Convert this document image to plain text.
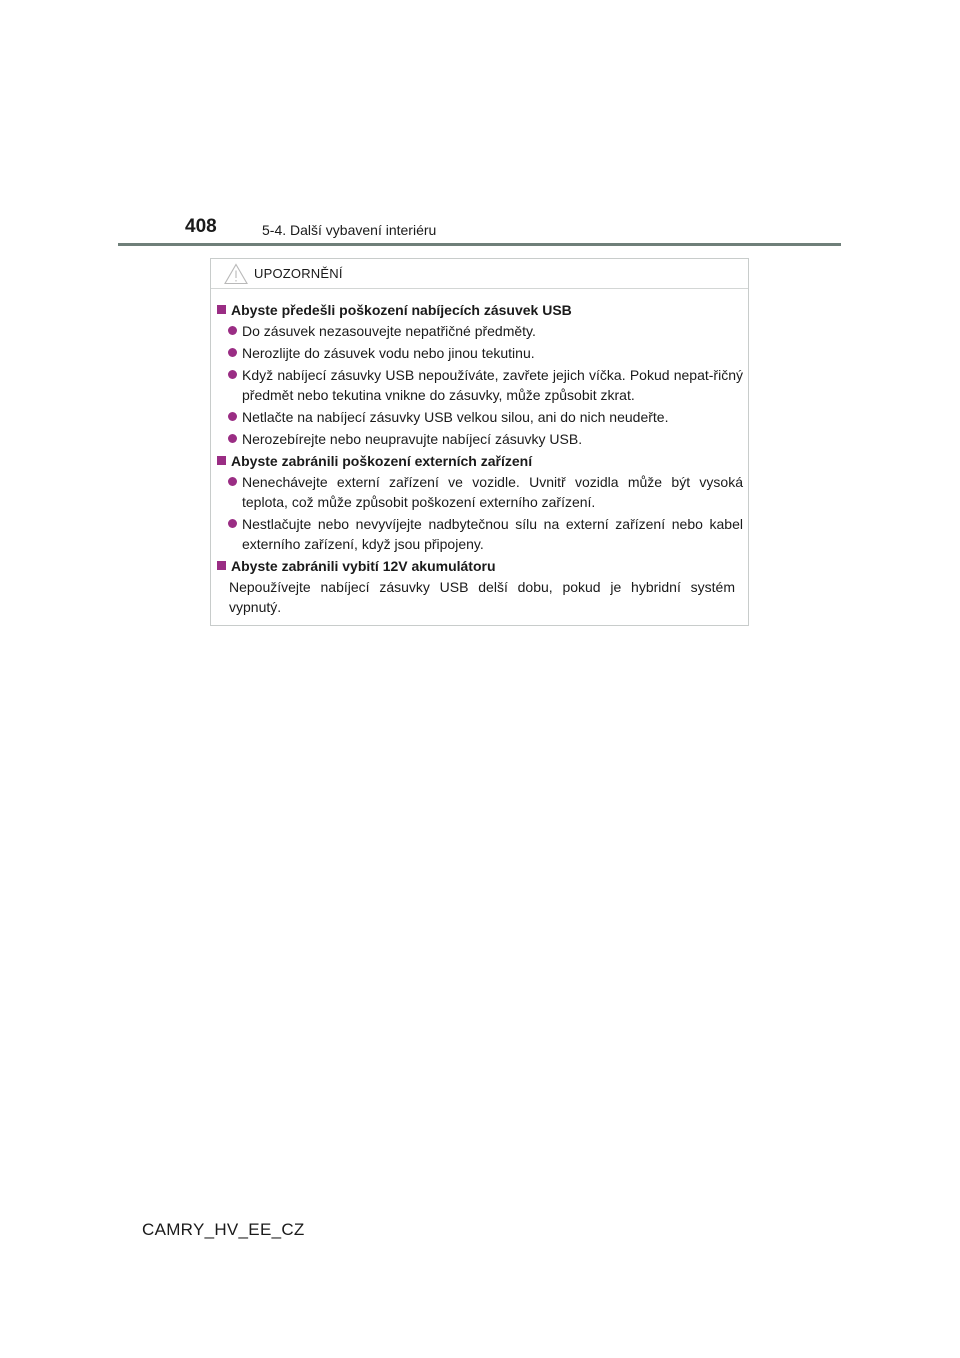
408	5-4. Další vybavení interiéru
UPOZORNĚNÍ
Abyste předešli poškození nabíjecích zásuvek USB
Do zásuvek nezasouvejte nepatřičné předměty.
Nerozlijte do zásuvek vodu nebo jinou tekutinu.
Když nabíjecí zásuvky USB nepoužíváte, zavřete jejich víčka. Pokud nepat-řičný předmět nebo tekutina vnikne do zásuvky, může způsobit zkrat.
Netlačte na nabíjecí zásuvky USB velkou silou, ani do nich neudeřte.
Nerozebírejte nebo neupravujte nabíjecí zásuvky USB.
Abyste zabránili poškození externích zařízení
Nenechávejte externí zařízení ve vozidle. Uvnitř vozidla může být vysoká teplota, což může způsobit poškození externího zařízení.
Nestlačujte nebo nevyvíjejte nadbytečnou sílu na externí zařízení nebo kabel externího zařízení, když jsou připojeny.
Abyste zabránili vybití 12V akumulátoru
Nepoužívejte nabíjecí zásuvky USB delší dobu, pokud je hybridní systém vypnutý.
CAMRY_HV_EE_CZ
